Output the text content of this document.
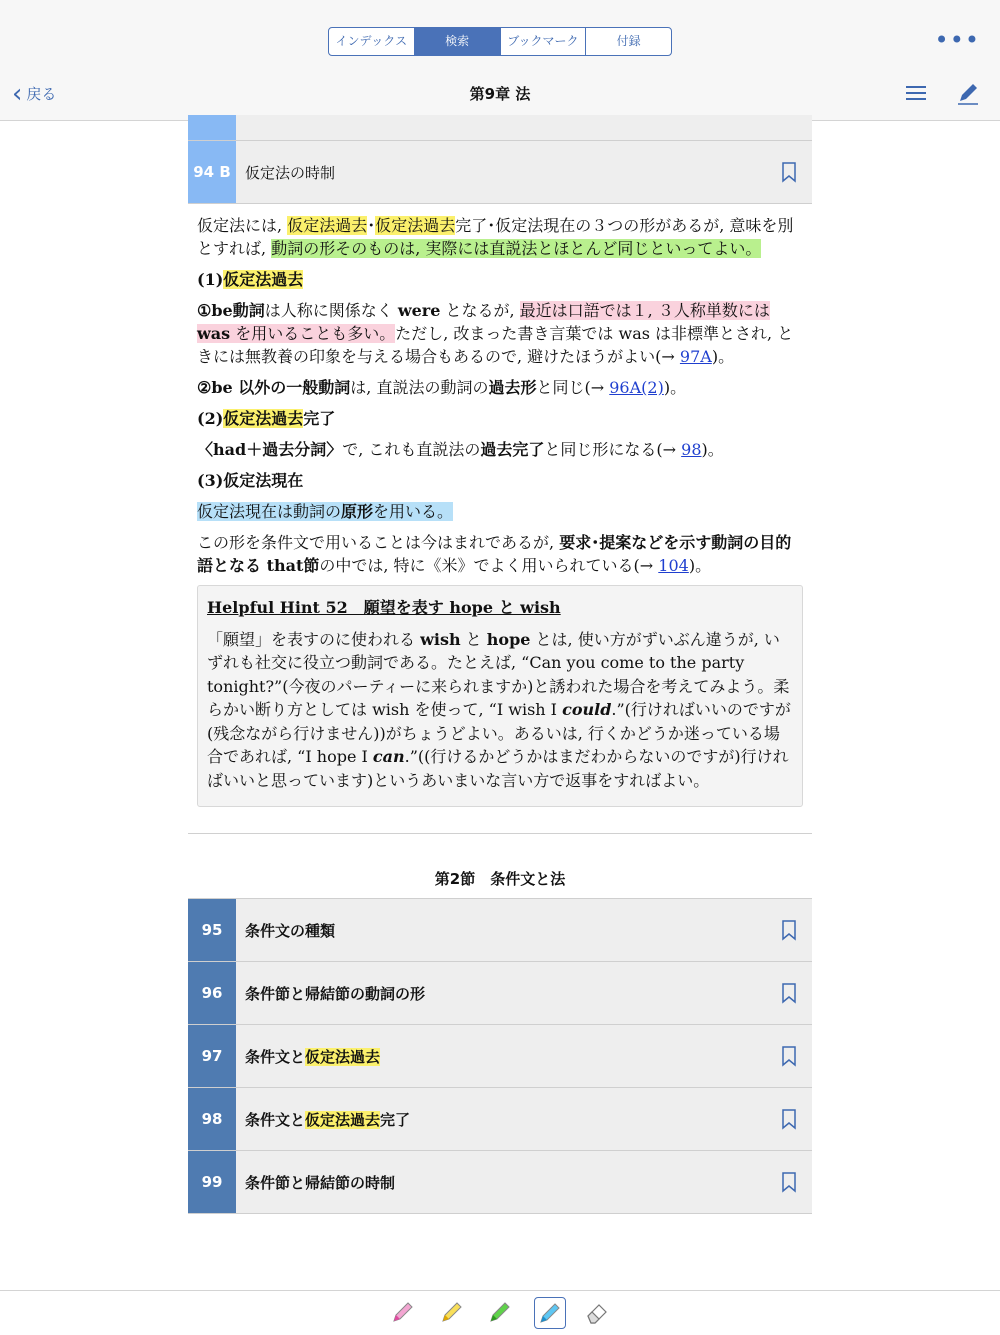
インデックス	検索	ブックマーク	付録	•••
‹ 戻る	第9章 法
94 B 仮定法の時制

仮定法には, 仮定法過去･仮定法過去完了･仮定法現在の３つの形があるが, 意味を別とすれば, 動詞の形そのものは, 実際には直説法とほとんど同じといってよい。

(1)仮定法過去

①be動詞は人称に関係なく were となるが, 最近は口語では１, ３人称単数には was を用いることも多い。ただし, 改まった書き言葉では was は非標準とされ, ときには無教養の印象を与える場合もあるので, 避けたほうがよい(→ 97A)。

②be 以外の一般動詞は, 直説法の動詞の過去形と同じ(→ 96A(2))。

(2)仮定法過去完了

〈had＋過去分詞〉で, これも直説法の過去完了と同じ形になる(→ 98)。

(3)仮定法現在

仮定法現在は動詞の原形を用いる。

この形を条件文で用いることは今はまれであるが, 要求･提案などを示す動詞の目的語となる that節の中では, 特に《米》でよく用いられている(→ 104)。

Helpful Hint 52　願望を表す hope と wish
「願望」を表すのに使われる wish と hope とは, 使い方がずいぶん違うが, いずれも社交に役立つ動詞である。たとえば, “Can you come to the party tonight?”(今夜のパーティーに来られますか)と誘われた場合を考えてみよう。柔らかい断り方としては wish を使って, “I wish I could.”(行ければいいのですが(残念ながら行けません))がちょうどよい。あるいは, 行くかどうか迷っている場合であれば, “I hope I can.”((行けるかどうかはまだわからないのですが)行ければいいと思っています)というあいまいな言い方で返事をすればよい。
第2節　条件文と法
95	条件文の種類
96	条件節と帰結節の動詞の形
97	条件文と仮定法過去
98	条件文と仮定法過去完了
99	条件節と帰結節の時制
